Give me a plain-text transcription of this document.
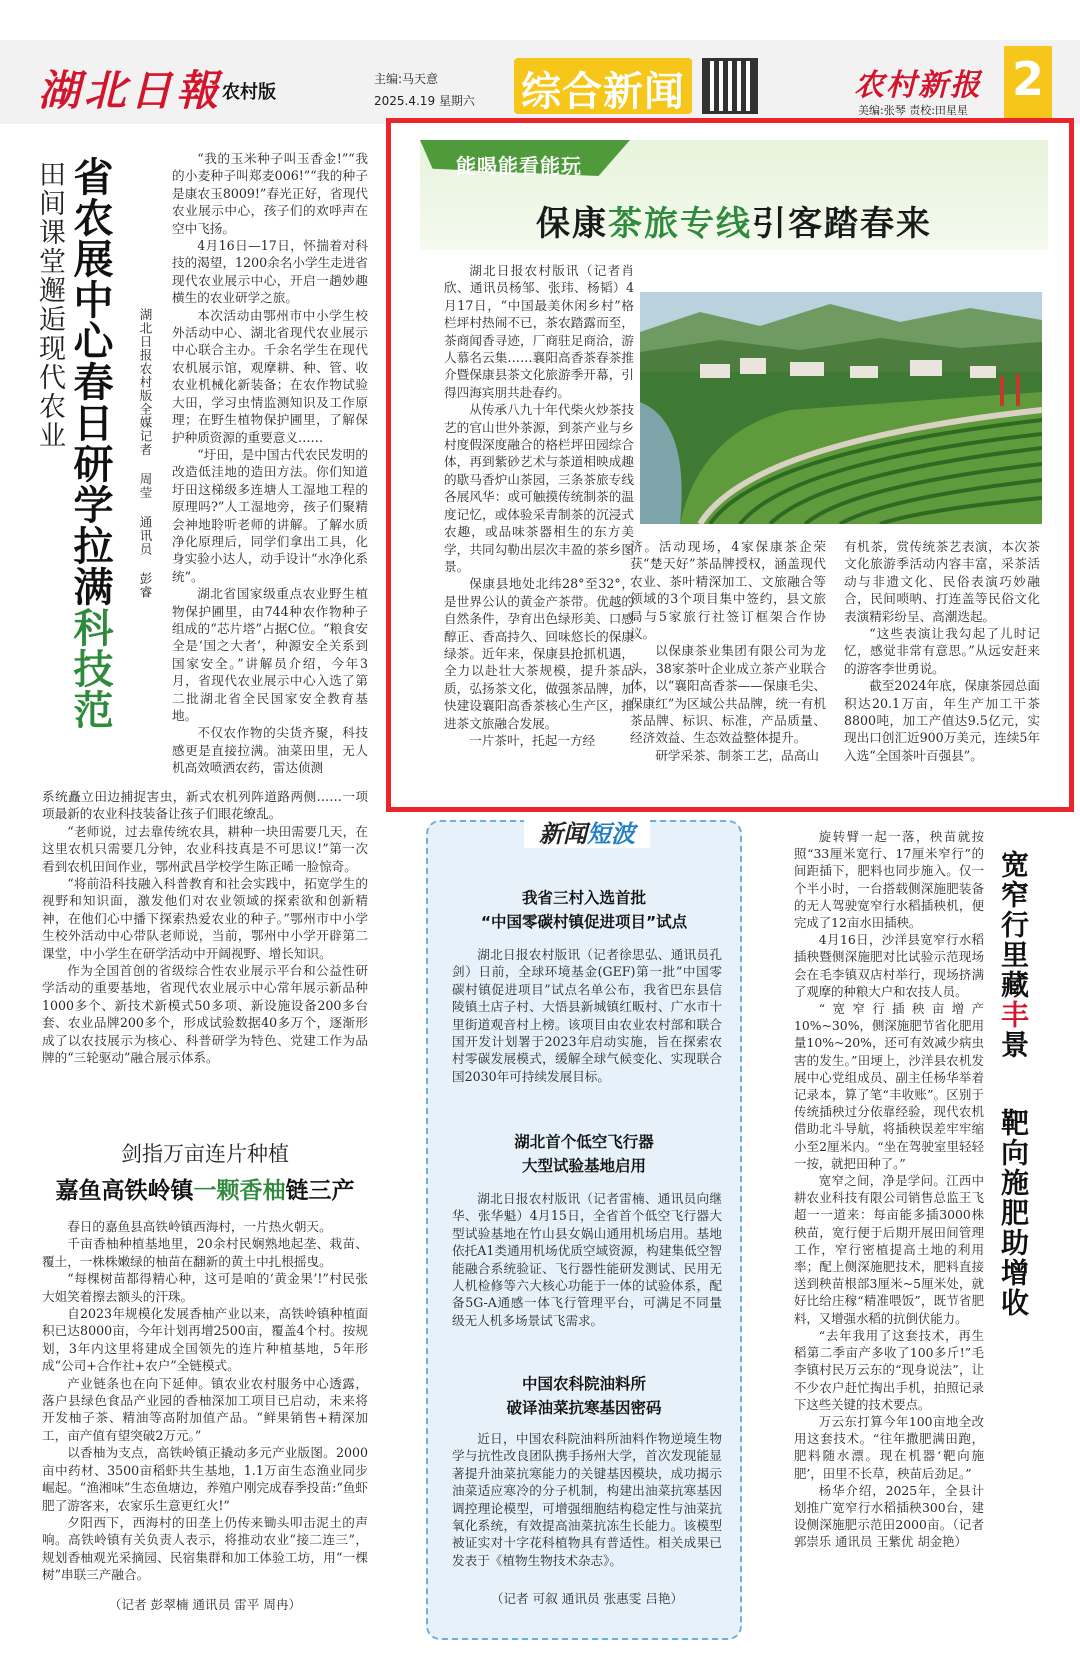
湖北日報 农村版
主编:马天意
2025.4.19 星期六 综合新闻	农村新报
美编:张琴 责校:田星星
2
田间课堂邂逅现代农业 省农展中心春日研学拉满科技范
湖北日报农村版全媒记者 周莹 通讯员 彭睿
“我的玉米种子叫玉香金!”“我的小麦种子叫郑麦006!”“我的种子是康农玉8009!”春光正好，省现代农业展示中心，孩子们的欢呼声在空中飞扬。
4月16日—17日，怀揣着对科技的渴望，1200余名小学生走进省现代农业展示中心，开启一趟妙趣横生的农业研学之旅。
本次活动由鄂州市中小学生校外活动中心、湖北省现代农业展示中心联合主办。千余名学生在现代农机展示馆，观摩耕、种、管、收农业机械化新装备；在农作物试验大田，学习虫情监测知识及工作原理；在野生植物保护圃里，了解保护种质资源的重要意义……
“圩田，是中国古代农民发明的改造低洼地的造田方法。你们知道圩田这梯级多连塘人工湿地工程的原理吗?”人工湿地旁，孩子们聚精会神地聆听老师的讲解。了解水质净化原理后，同学们拿出工具，化身实验小达人，动手设计“水净化系统”。
湖北省国家级重点农业野生植物保护圃里，由744种农作物种子组成的“芯片塔”占据C位。“粮食安全是‘国之大者’，种源安全关系到国家安全。”讲解员介绍，今年3月，省现代农业展示中心入选了第二批湖北省全民国家安全教育基地。
不仅农作物的尖货齐聚，科技感更是直接拉满。油菜田里，无人机高效喷洒农药，雷达侦测
系统矗立田边捕捉害虫，新式农机列阵道路两侧……一项项最新的农业科技装备让孩子们眼花缭乱。
“老师说，过去靠传统农具，耕种一块田需要几天，在这里农机只需要几分钟，农业科技真是不可思议!”第一次看到农机田间作业，鄂州武昌学校学生陈正晞一脸惊奇。
“将前沿科技融入科普教育和社会实践中，拓宽学生的视野和知识面，激发他们对农业领域的探索欲和创新精神，在他们心中播下探索热爱农业的种子。”鄂州市中小学生校外活动中心带队老师说，当前，鄂州中小学开辟第二课堂，中小学生在研学活动中开阔视野、增长知识。
作为全国首创的省级综合性农业展示平台和公益性研学活动的重要基地，省现代农业展示中心常年展示新品种1000多个、新技术新模式50多项、新设施设备200多台套、农业品牌200多个，形成试验数据40多万个，逐渐形成了以农技展示为核心、科普研学为特色、党建工作为品牌的“三轮驱动”融合展示体系。
剑指万亩连片种植
嘉鱼高铁岭镇一颗香柚链三产
春日的嘉鱼县高铁岭镇西海村，一片热火朝天。
千亩香柚种植基地里，20余村民娴熟地起垄、栽苗、覆土，一株株嫩绿的柚苗在翻新的黄土中扎根摇曳。
“每棵树苗都得精心种，这可是咱的‘黄金果’!”村民张大姐笑着擦去额头的汗珠。
自2023年规模化发展香柚产业以来，高铁岭镇种植面积已达8000亩，今年计划再增2500亩，覆盖4个村。按规划，3年内这里将建成全国领先的连片种植基地，5年形成“公司+合作社+农户”全链模式。
产业链条也在向下延伸。镇农业农村服务中心透露，落户县绿色食品产业园的香柚深加工项目已启动，未来将开发柚子茶、精油等高附加值产品。“鲜果销售+精深加工，亩产值有望突破2万元。”
以香柚为支点，高铁岭镇正撬动多元产业版图。2000亩中药材、3500亩稻虾共生基地，1.1万亩生态渔业同步崛起。“渔湘味”生态鱼塘边，养殖户刚完成春季投苗:“鱼虾肥了游客来，农家乐生意更红火!”
夕阳西下，西海村的田垄上仍传来锄头叩击泥土的声响。高铁岭镇有关负责人表示，将推动农业“接二连三”，规划香柚观光采摘园、民宿集群和加工体验工坊，用“一棵树”串联三产融合。
（记者 彭翠楠 通讯员 雷平 周冉）
能喝能看能玩
保康茶旅专线引客踏春来
湖北日报农村版讯（记者肖欣、通讯员杨邹、张玮、杨韬）4月17日，“中国最美休闲乡村”格栏坪村热闹不已，茶农踏露而至，茶商闻香寻迹，厂商驻足商洽，游人慕名云集……襄阳高香茶春茶推介暨保康县茶文化旅游季开幕，引得四海宾朋共赴春约。
从传承八九十年代柴火炒茶技艺的官山世外茶源，到茶产业与乡村度假深度融合的格栏坪田园综合体，再到紫砂艺术与茶道相映成趣的歇马香炉山茶园，三条茶旅专线各展风华：或可触摸传统制茶的温度记忆，或体验采青制茶的沉浸式农趣，或品味茶器相生的东方美学，共同勾勒出层次丰盈的茶乡图景。
保康县地处北纬28°至32°，是世界公认的黄金产茶带。优越的自然条件，孕育出色绿形美、口感醇正、香高持久、回味悠长的保康绿茶。近年来，保康县抢抓机遇，全力以赴壮大茶规模，提升茶品质，弘扬茶文化，做强茶品牌，加快建设襄阳高香茶核心生产区，推进茶文旅融合发展。
一片茶叶，托起一方经
济。活动现场，4家保康茶企荣获“楚天好”茶品牌授权，涵盖现代农业、茶叶精深加工、文旅融合等领域的3个项目集中签约，县文旅局与5家旅行社签订框架合作协议。
以保康茶业集团有限公司为龙头，38家茶叶企业成立茶产业联合体，以“襄阳高香茶——保康毛尖、保康红”为区域公共品牌，统一有机茶品牌、标识、标准，产品质量、经济效益、生态效益整体提升。
研学采茶、制茶工艺，品高山
有机茶，赏传统茶艺表演，本次茶文化旅游季活动内容丰富，采茶活动与非遗文化、民俗表演巧妙融合，民间唢呐、打连盖等民俗文化表演精彩纷呈、高潮迭起。
“这些表演让我勾起了儿时记忆，感觉非常有意思。”从远安赶来的游客李世勇说。
截至2024年底，保康茶园总面积达20.1万亩，年生产加工干茶8800吨，加工产值达9.5亿元，实现出口创汇近900万美元，连续5年入选“全国茶叶百强县”。
新闻短波
我省三村入选首批
“中国零碳村镇促进项目”试点
湖北日报农村版讯（记者徐思弘、通讯员孔剑）日前，全球环境基金(GEF)第一批“中国零碳村镇促进项目”试点名单公布，我省巴东县信陵镇土店子村、大悟县新城镇红畈村、广水市十里街道观音村上榜。该项目由农业农村部和联合国开发计划署于2023年启动实施，旨在探索农村零碳发展模式，缓解全球气候变化、实现联合国2030年可持续发展目标。
湖北首个低空飞行器
大型试验基地启用
湖北日报农村版讯（记者雷楠、通讯员向继华、张华魁）4月15日，全省首个低空飞行器大型试验基地在竹山县女娲山通用机场启用。基地依托A1类通用机场优质空域资源，构建集低空智能融合系统验证、飞行器性能研发测试、民用无人机检修等六大核心功能于一体的试验体系，配备5G-A通感一体飞行管理平台，可满足不同量级无人机多场景试飞需求。
中国农科院油料所
破译油菜抗寒基因密码
近日，中国农科院油料所油料作物逆境生物学与抗性改良团队携手扬州大学，首次发现能显著提升油菜抗寒能力的关键基因模块，成功揭示油菜适应寒冷的分子机制，构建出油菜抗寒基因调控理论模型，可增强细胞结构稳定性与油菜抗氧化系统，有效提高油菜抗冻生长能力。该模型被证实对十字花科植物具有普适性。相关成果已发表于《植物生物技术杂志》。
（记者 可叙 通讯员 张惠雯 吕艳）
宽窄行里藏丰景
靶向施肥助增收
旋转臂一起一落，秧苗就按照“33厘米宽行、17厘米窄行”的间距插下，肥料也同步施入。仅一个半小时，一台搭载侧深施肥装备的无人驾驶宽窄行水稻插秧机，便完成了12亩水田插秧。
4月16日，沙洋县宽窄行水稻插秧暨侧深施肥对比试验示范现场会在毛李镇双店村举行，现场挤满了观摩的种粮大户和农技人员。
“宽窄行插秧亩增产10%~30%，侧深施肥节省化肥用量10%~20%，还可有效减少病虫害的发生。”田埂上，沙洋县农机发展中心党组成员、副主任杨华举着记录本，算了笔“丰收账”。区别于传统插秧过分依靠经验，现代农机借助北斗导航，将插秧误差牢牢缩小至2厘米内。“坐在驾驶室里轻轻一按，就把田种了。”
宽窄之间，净是学问。江西中耕农业科技有限公司销售总监王飞超一一道来：每亩能多插3000株秧苗，宽行便于后期开展田间管理工作，窄行密植提高土地的利用率；配上侧深施肥技术，肥料直接送到秧苗根部3厘米~5厘米处，就好比给庄稼“精准喂饭”，既节省肥料，又增强水稻的抗倒伏能力。
“去年我用了这套技术，再生稻第二季亩产多收了100多斤!”毛李镇村民万云东的“现身说法”，让不少农户赶忙掏出手机，拍照记录下这些关键的技术要点。
万云东打算今年100亩地全改用这套技术。“往年撒肥满田跑，肥料随水漂。现在机器‘靶向施肥’，田里不长草，秧苗后劲足。”
杨华介绍，2025年，全县计划推广宽窄行水稻插秧300台，建设侧深施肥示范田2000亩。（记者 郭崇乐 通讯员 王紫优 胡金艳）
